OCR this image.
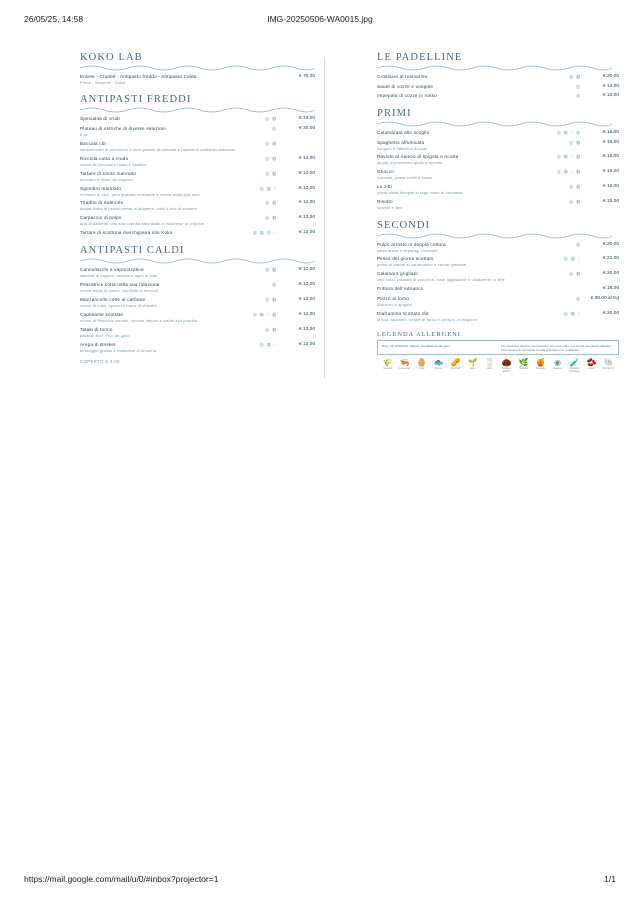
26/05/25, 14:58	IMG-20250506-WA0015.jpg
KOKO LAB
Entrée - Crudité - Antipasto freddo - Antipasto Caldo
Primo - Secondo - Dolce
€ 75,00
ANTIPASTI FREDDI
Specialità di crudi	◎ ◍	€ 33,00
Plateau di ostriche di diverse selezioni
6 pz
◎	€ 30,00
Baccalà cbt
consommato di pomodoro e olive,porcini al naturale e peperone lombardo marinato
◎ ◍
Ricciola cotta a crudo
crema di pomodoro rosso e basilico
◎ ◍	€ 12,00
Tartare di tonno marinato
avocado e frutto del cappero
◎ ◍	€ 13,00
Sgombro marinato
hummus di ceci, pera grattata croccante e crema acida alla soia
◎ ◍ ◌	€ 12,00
Tiradito di Salmone
acqua chiba di pesca,crema di jalapeno, olioli e olio di sesamo
◎ ◍	€ 12,00
Carpaccio di polpo
aria di datterini, olio alla paprika affumicata e maionese di chipotle
◎ ◍	€ 13,00
Tartare di scottona marchigiana olio Koko	◎ ◍ ◎ ◌	€ 13,00
ANTIPASTI CALDI
Cannoliscchi e vaporizzatine
salsetta di capperi, taccole e aglio al lime
◎ ◍	€ 12,00
Pescatrice cotta nella sua riduzione
crema acida di cocco, cipollotto e broccoli
◎	€ 12,00
Mazzancolle cotte al carbone
crema di mais, spinaci e burro di chipotle
◎ ◍	€ 12,00
Capesante scottate
crema di finocchio arrosto, chorizo iberico e cialda alla paprika
◎ ◍ ◌ ◍	€ 12,00
Tataki di tonno
passion fruit. Pico de gallo
◎ ◍	€ 13,00
Arepa di Brisket
formaggio grasso e maionese di sriracha
◎ ◍ ◌	€ 13,00
COPERTO € 3,00
LE PADELLINE
Crostacei al rosmarino	◎ ◍	€ 20,00
Sautè di cozze e vongole	◎	€ 13,00
Impepata di cozze in rosso	◎	€ 13,00
PRIMI
Calamarata allo scoglio	◎ ◍ ◌ ◎	€ 15,00
Spaghetto affumicato
vongole e datterino arrosto
◎ ◍	€ 15,00
Raviolo al ripieno di spigola e ricotta
acqua di pomodoro giallo e burrata
◎ ◍ ◌ ◍	€ 15,00
Gnocco
nocciola, pasta verde e rosso
◎ ◍ ◌ ◍	€ 15,00
Lo zitti
pasta mista tiempivi al ragù rosso di crostacei
◎ ◍	€ 15,00
Risotto
scampi e lime
◎ ◍	€ 15,00
SECONDI
Polpo arrosto in doppia cottura
salsa brava e asparagi croccanti
◎	€ 20,00
Pesce del giorno scottato
purea di carote al cardamomo e carote glassate
◎ ◍ ◌	€ 22,00
Calamaro grigliato
ceci rossi, insalata di zucchine, olive taggiasche e vinaigrette al lime
◎ ◍	€ 20,00
Frittura dell'Adriatico	€ 18,00
Pezzo al forno
Branzino e spigola
◎	€ 60,00 al Kg
Diaframma scottato cbt
la sua riduzione, patate al forno e verdura di stagione
◎ ◍ ◌	€ 20,00
LEGENDA ALLERGENI
Reg. UE 1169/2011 Tabella identificativa allergeni	Per qualsiasi ulteriore precisazione sul menu-cibo e la nuova beccando chiedere informazioni al personale di sala propriamente qualificato.
🌾
Cereali
🦐
Crostacei
🥚
Uova
🐟
Pesce
🥜
Arachidi
🌱
Soia
🥛
Latte
🌰
Frutta a guscio
🌿
Sedano
🍯
Senape
◉
Sesamo
🧪
Anidride solforosa
🫘
Lupini
🐚
Molluschi
https://mail.google.com/mail/u/0/#inbox?projector=1	1/1
